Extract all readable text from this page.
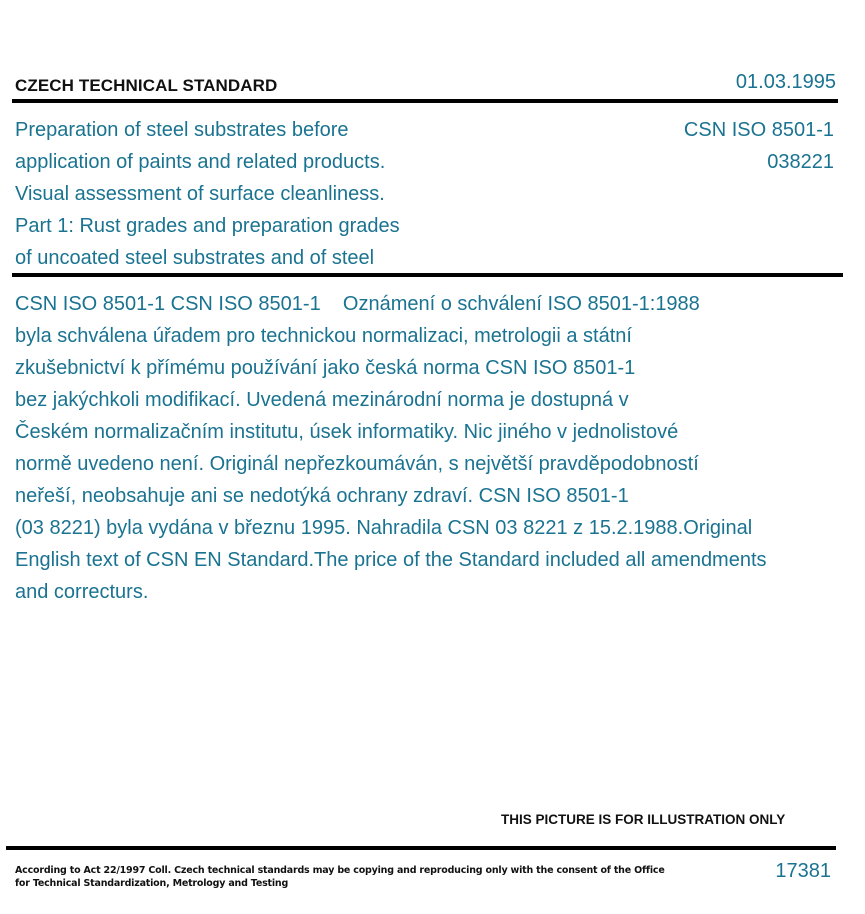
CZECH TECHNICAL STANDARD	01.03.1995
Preparation of steel substrates before
application of paints and related products.
Visual assessment of surface cleanliness.
Part 1: Rust grades and preparation grades
of uncoated steel substrates and of steel
CSN ISO 8501-1
038221
CSN ISO 8501-1 CSN ISO 8501-1    Oznámení o schválení ISO 8501-1:1988
byla schválena úřadem pro technickou normalizaci, metrologii a státní
zkušebnictví k přímému používání jako česká norma CSN ISO 8501-1
bez jakýchkoli modifikací. Uvedená mezinárodní norma je dostupná v
Českém normalizačním institutu, úsek informatiky. Nic jiného v jednolistové
normě uvedeno není. Originál nepřezkoumáván, s největší pravděpodobností
neřeší, neobsahuje ani se nedotýká ochrany zdraví. CSN ISO 8501-1
(03 8221) byla vydána v březnu 1995. Nahradila CSN 03 8221 z 15.2.1988.Original
English text of CSN EN Standard.The price of the Standard included all amendments
and correcturs.
THIS PICTURE IS FOR ILLUSTRATION ONLY
According to Act 22/1997 Coll. Czech technical standards may be copying and reproducing only with the consent of the Office
for Technical Standardization, Metrology and Testing
17381
